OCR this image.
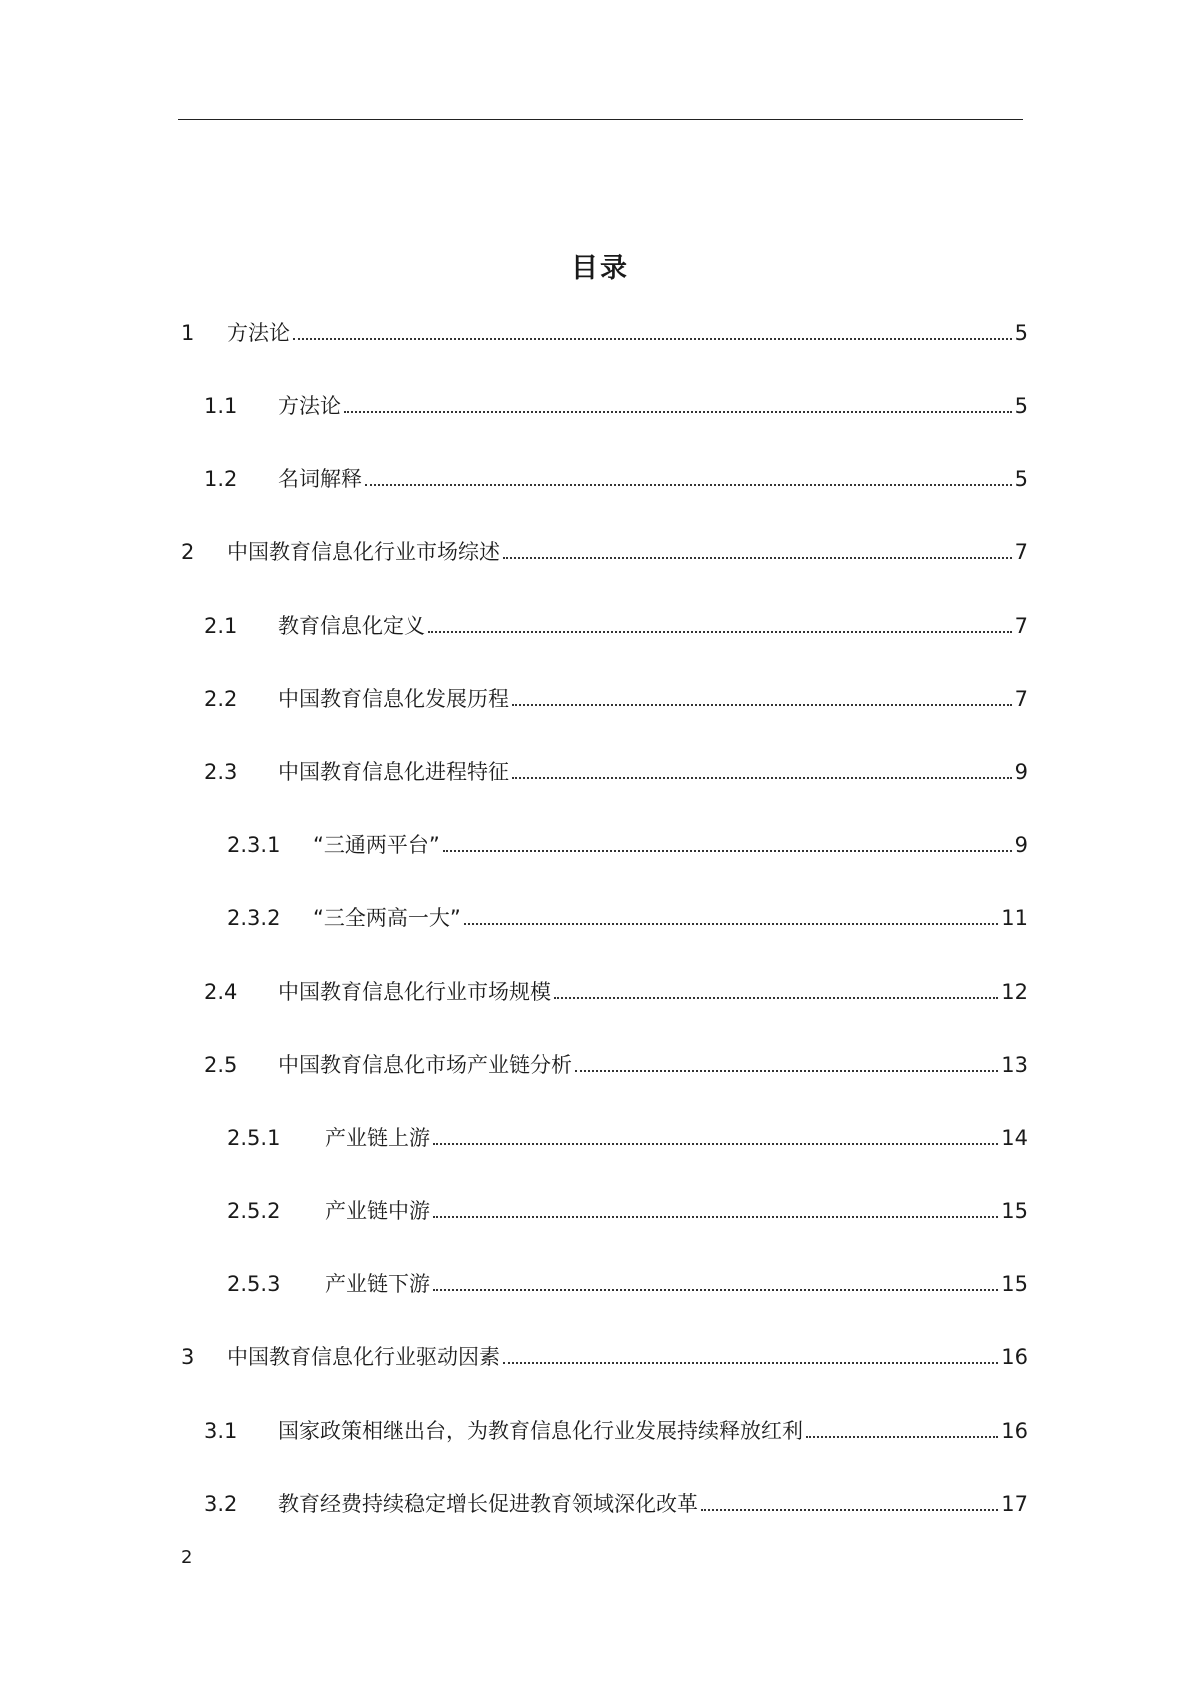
目录
1	方法论	5
1.1	方法论	5
1.2	名词解释	5
2	中国教育信息化行业市场综述	7
2.1	教育信息化定义	7
2.2	中国教育信息化发展历程	7
2.3	中国教育信息化进程特征	9
2.3.1	“三通两平台”	9
2.3.2	“三全两高一大”	11
2.4	中国教育信息化行业市场规模	12
2.5	中国教育信息化市场产业链分析	13
2.5.1	产业链上游	14
2.5.2	产业链中游	15
2.5.3	产业链下游	15
3	中国教育信息化行业驱动因素	16
3.1	国家政策相继出台，为教育信息化行业发展持续释放红利	16
3.2	教育经费持续稳定增长促进教育领域深化改革	17
2
